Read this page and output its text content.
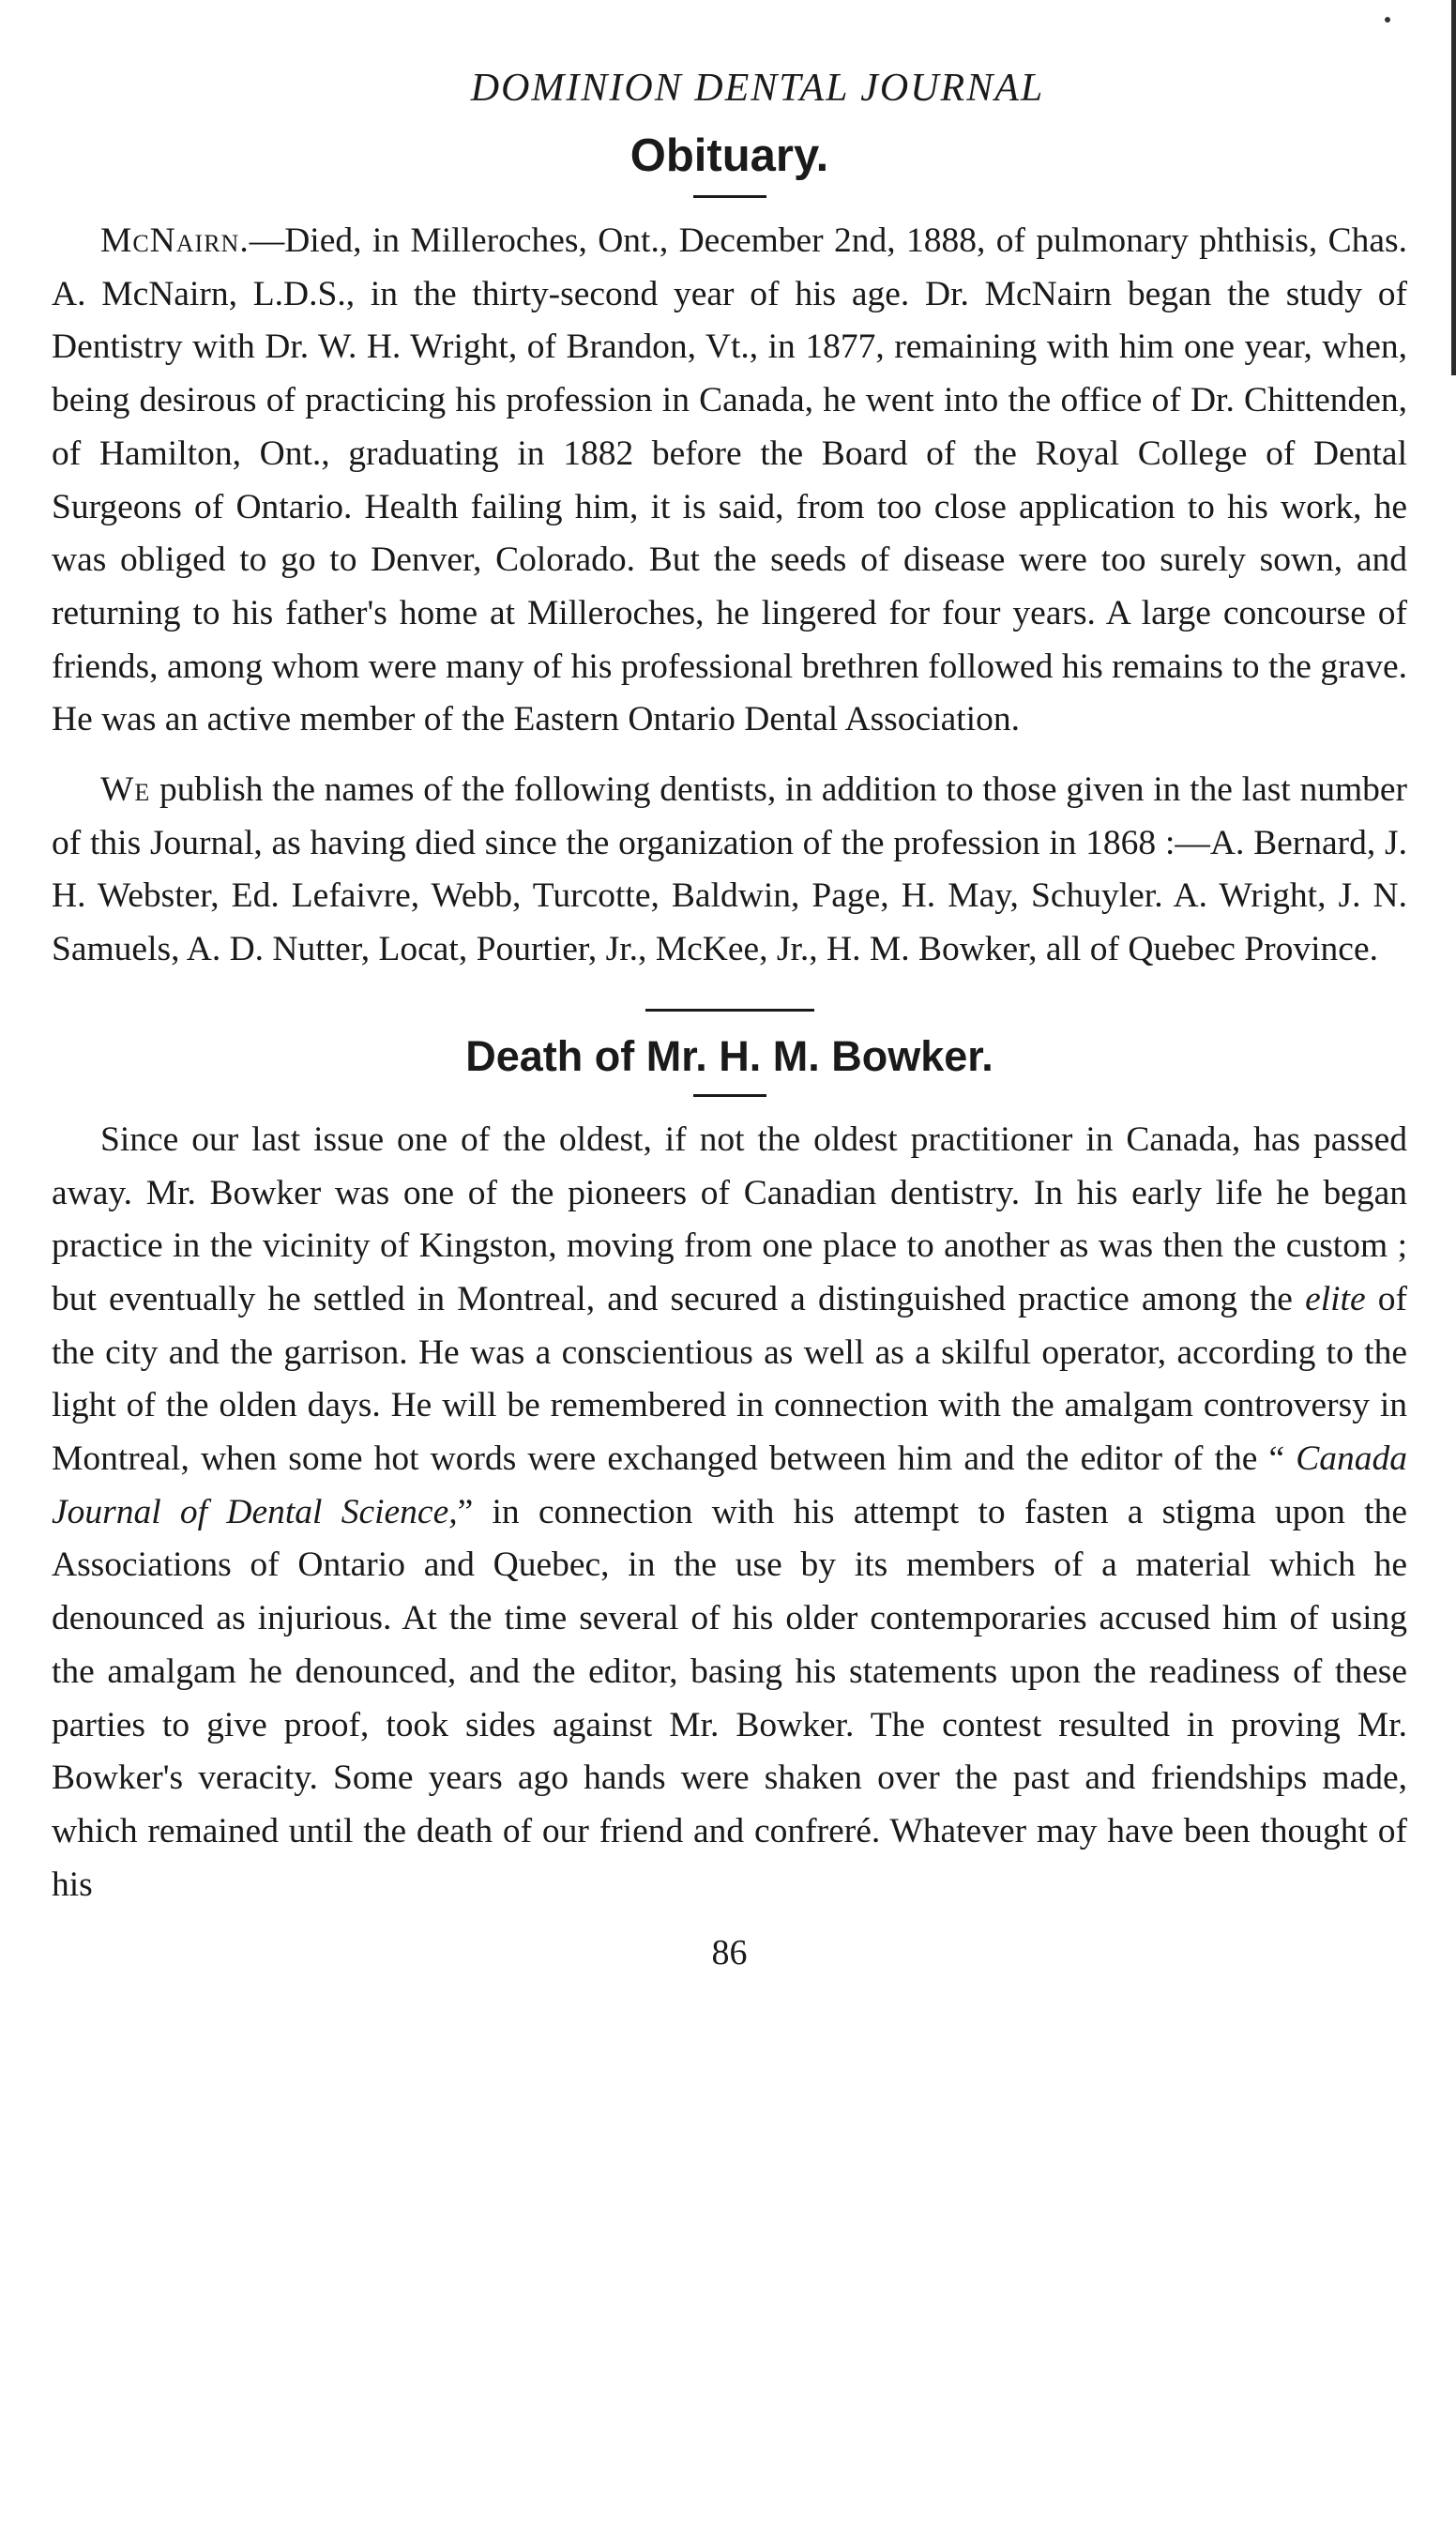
DOMINION DENTAL JOURNAL
Obituary.

McNairn.—Died, in Milleroches, Ont., December 2nd, 1888, of pulmonary phthisis, Chas. A. McNairn, L.D.S., in the thirty-second year of his age. Dr. McNairn began the study of Dentistry with Dr. W. H. Wright, of Brandon, Vt., in 1877, remaining with him one year, when, being desirous of practicing his profession in Canada, he went into the office of Dr. Chittenden, of Hamilton, Ont., graduating in 1882 before the Board of the Royal College of Dental Surgeons of Ontario. Health failing him, it is said, from too close application to his work, he was obliged to go to Denver, Colorado. But the seeds of disease were too surely sown, and returning to his father's home at Milleroches, he lingered for four years. A large concourse of friends, among whom were many of his professional brethren followed his remains to the grave. He was an active member of the Eastern Ontario Dental Association.

We publish the names of the following dentists, in addition to those given in the last number of this Journal, as having died since the organization of the profession in 1868 :—A. Bernard, J. H. Webster, Ed. Lefaivre, Webb, Turcotte, Baldwin, Page, H. May, Schuyler. A. Wright, J. N. Samuels, A. D. Nutter, Locat, Pourtier, Jr., McKee, Jr., H. M. Bowker, all of Quebec Province.

Death of Mr. H. M. Bowker.

Since our last issue one of the oldest, if not the oldest practitioner in Canada, has passed away. Mr. Bowker was one of the pioneers of Canadian dentistry. In his early life he began practice in the vicinity of Kingston, moving from one place to another as was then the custom ; but eventually he settled in Montreal, and secured a distinguished practice among the elite of the city and the garrison. He was a conscientious as well as a skilful operator, according to the light of the olden days. He will be remembered in connection with the amalgam controversy in Montreal, when some hot words were exchanged between him and the editor of the “ Canada Journal of Dental Science,” in connection with his attempt to fasten a stigma upon the Associations of Ontario and Quebec, in the use by its members of a material which he denounced as injurious. At the time several of his older contemporaries accused him of using the amalgam he denounced, and the editor, basing his statements upon the readiness of these parties to give proof, took sides against Mr. Bowker. The contest resulted in proving Mr. Bowker's veracity. Some years ago hands were shaken over the past and friendships made, which remained until the death of our friend and confreré. Whatever may have been thought of his

86
